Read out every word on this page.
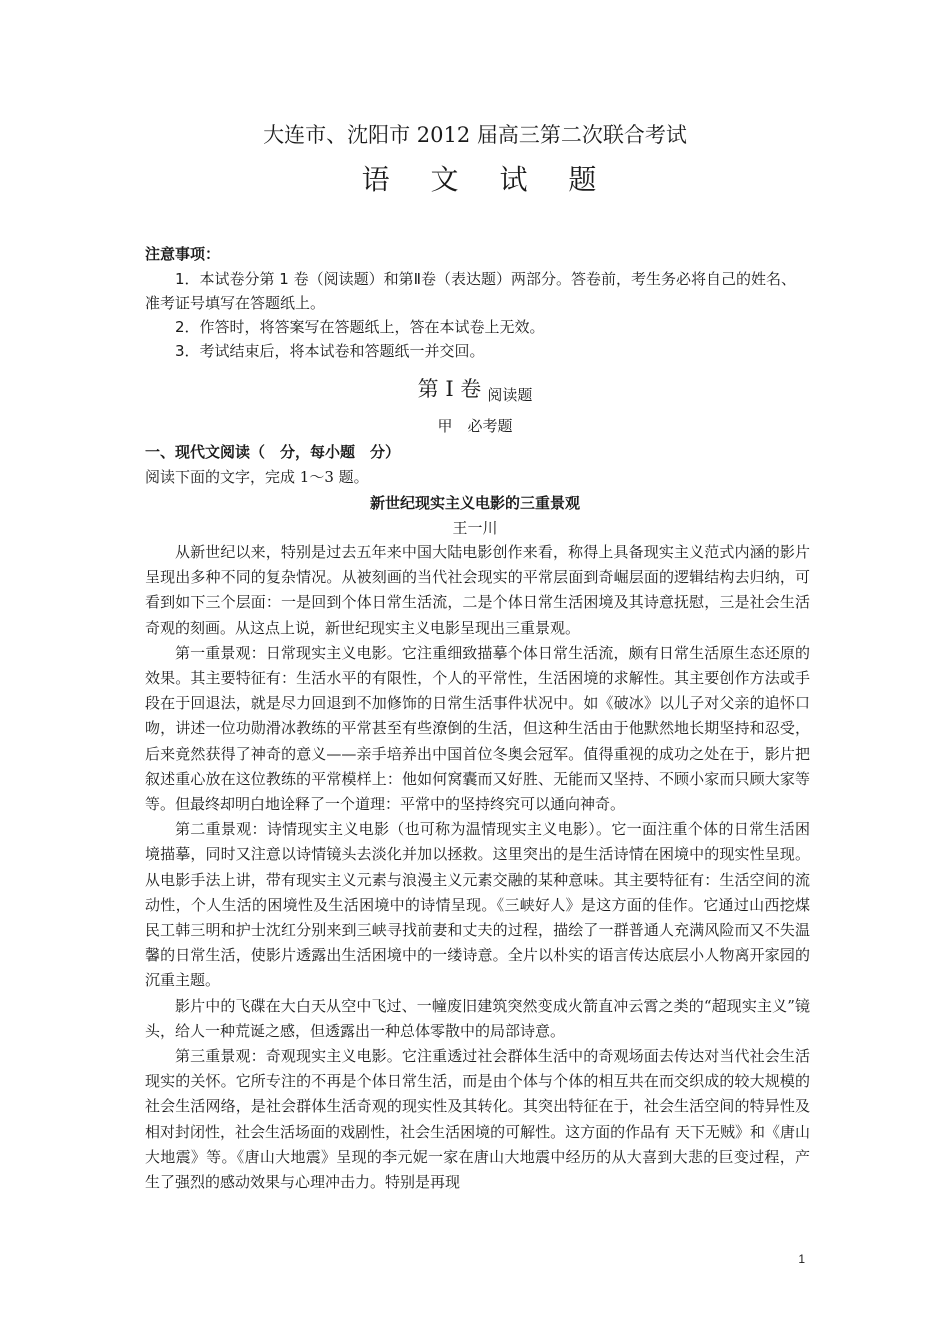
大连市、沈阳市 2012 届高三第二次联合考试
语 文 试 题
注意事项：

1．本试卷分第 1 卷（阅读题）和第Ⅱ卷（表达题）两部分。答卷前，考生务必将自己的姓名、准考证号填写在答题纸上。

2．作答时，将答案写在答题纸上，答在本试卷上无效。

3．考试结束后，将本试卷和答题纸一并交回。

第 I 卷 阅读题
甲　必考题
一、现代文阅读（　分，每小题　分）
阅读下面的文字，完成 1～3 题。
新世纪现实主义电影的三重景观
王一川

从新世纪以来，特别是过去五年来中国大陆电影创作来看，称得上具备现实主义范式内涵的影片呈现出多种不同的复杂情况。从被刻画的当代社会现实的平常层面到奇崛层面的逻辑结构去归纳，可看到如下三个层面：一是回到个体日常生活流，二是个体日常生活困境及其诗意抚慰，三是社会生活奇观的刻画。从这点上说，新世纪现实主义电影呈现出三重景观。

第一重景观：日常现实主义电影。它注重细致描摹个体日常生活流，颇有日常生活原生态还原的效果。其主要特征有：生活水平的有限性，个人的平常性，生活困境的求解性。其主要创作方法或手段在于回退法，就是尽力回退到不加修饰的日常生活事件状况中。如《破冰》以儿子对父亲的追怀口吻，讲述一位功勋滑冰教练的平常甚至有些潦倒的生活，但这种生活由于他默然地长期坚持和忍受，后来竟然获得了神奇的意义——亲手培养出中国首位冬奥会冠军。值得重视的成功之处在于，影片把叙述重心放在这位教练的平常模样上：他如何窝囊而又好胜、无能而又坚持、不顾小家而只顾大家等等。但最终却明白地诠释了一个道理：平常中的坚持终究可以通向神奇。

第二重景观：诗情现实主义电影（也可称为温情现实主义电影）。它一面注重个体的日常生活困境描摹，同时又注意以诗情镜头去淡化并加以拯救。这里突出的是生活诗情在困境中的现实性呈现。从电影手法上讲，带有现实主义元素与浪漫主义元素交融的某种意味。其主要特征有：生活空间的流动性，个人生活的困境性及生活困境中的诗情呈现。《三峡好人》是这方面的佳作。它通过山西挖煤民工韩三明和护士沈红分别来到三峡寻找前妻和丈夫的过程，描绘了一群普通人充满风险而又不失温馨的日常生活，使影片透露出生活困境中的一缕诗意。全片以朴实的语言传达底层小人物离开家园的沉重主题。

影片中的飞碟在大白天从空中飞过、一幢废旧建筑突然变成火箭直冲云霄之类的“超现实主义”镜头，给人一种荒诞之感，但透露出一种总体零散中的局部诗意。

第三重景观：奇观现实主义电影。它注重透过社会群体生活中的奇观场面去传达对当代社会生活现实的关怀。它所专注的不再是个体日常生活，而是由个体与个体的相互共在而交织成的较大规模的社会生活网络，是社会群体生活奇观的现实性及其转化。其突出特征在于，社会生活空间的特异性及相对封闭性，社会生活场面的戏剧性，社会生活困境的可解性。这方面的作品有 天下无贼》和《唐山大地震》等。《唐山大地震》呈现的李元妮一家在唐山大地震中经历的从大喜到大悲的巨变过程，产生了强烈的感动效果与心理冲击力。特别是再现

1
